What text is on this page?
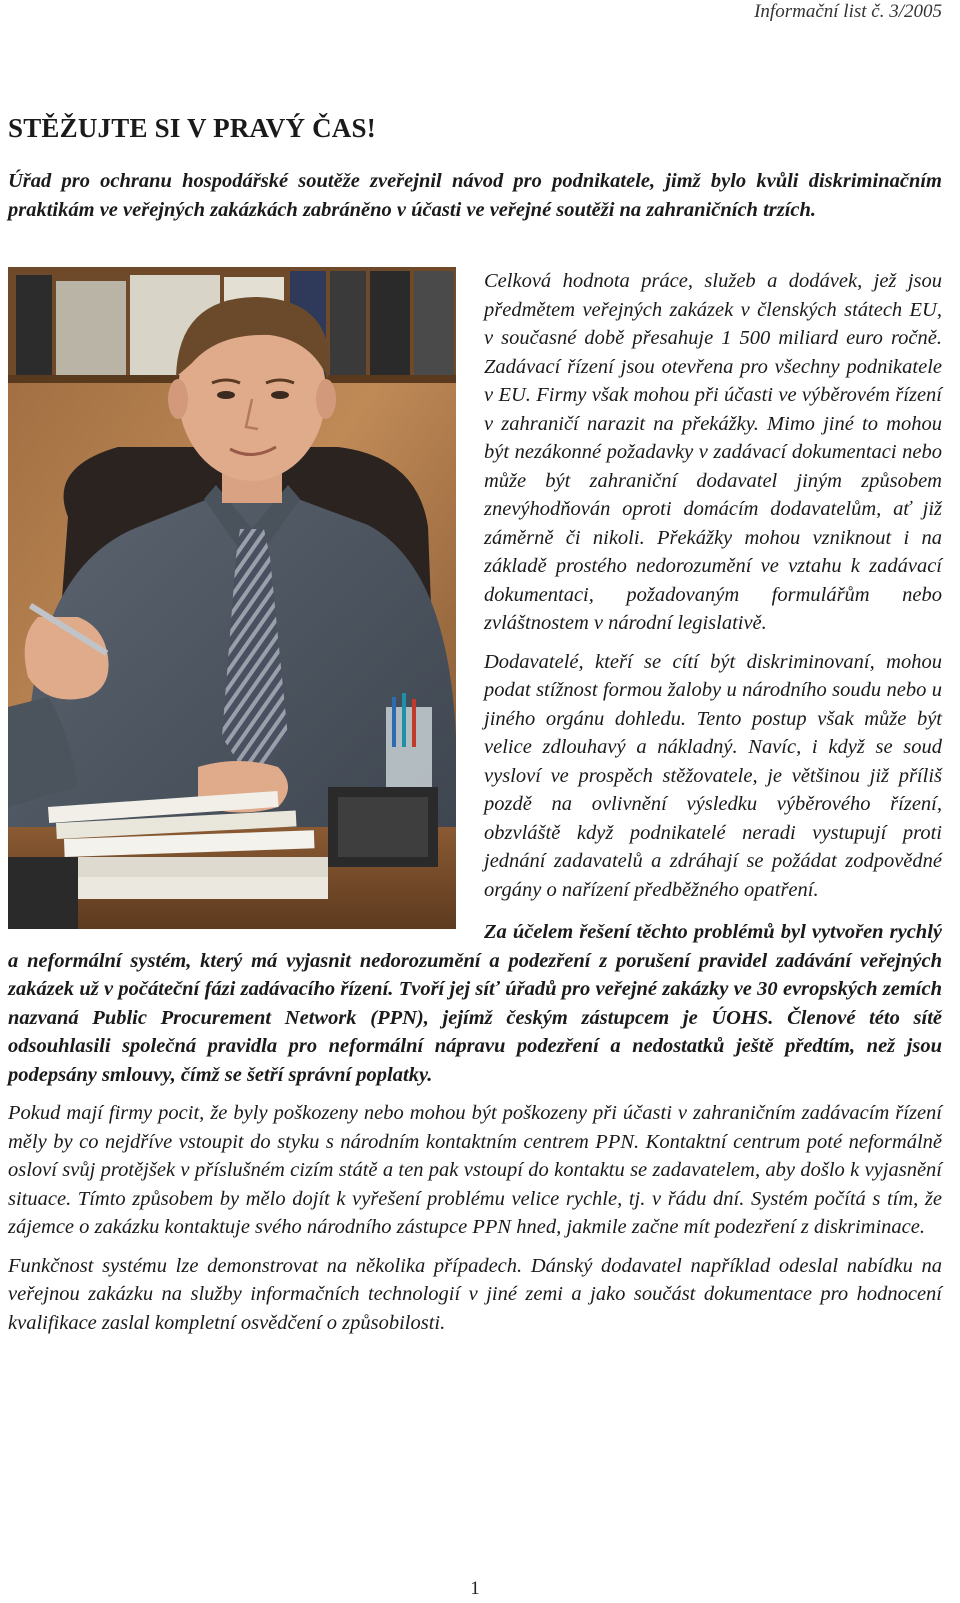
Informační list č. 3/2005
STĚŽUJTE SI V PRAVÝ ČAS!

Úřad pro ochranu hospodářské soutěže zveřejnil návod pro podnikatele, jimž bylo kvůli diskriminačním praktikám ve veřejných zakázkách zabráněno v účasti ve veřejné soutěži na zahraničních trzích.

Celková hodnota práce, služeb a dodávek, jež jsou předmětem veřejných zakázek v členských státech EU, v současné době přesahuje 1 500 miliard euro ročně. Zadávací řízení jsou otevřena pro všechny podnikatele v EU. Firmy však mohou při účasti ve výběrovém řízení v zahraničí narazit na překážky. Mimo jiné to mohou být nezákonné požadavky v zadávací dokumentaci nebo může být zahraniční dodavatel jiným způsobem znevýhodňován oproti domácím dodavatelům, ať již záměrně či nikoli. Překážky mohou vzniknout i na základě prostého nedorozumění ve vztahu k zadávací dokumentaci, požadovaným formulářům nebo zvláštnostem v národní legislativě.

Dodavatelé, kteří se cítí být diskriminovaní, mohou podat stížnost formou žaloby u národního soudu nebo u jiného orgánu dohledu. Tento postup však může být velice zdlouhavý a nákladný. Navíc, i když se soud vysloví ve prospěch stěžovatele, je většinou již příliš pozdě na ovlivnění výsledku výběrového řízení, obzvláště když podnikatelé neradi vystupují proti jednání zadavatelů a zdráhají se požádat zodpovědné orgány o nařízení předběžného opatření.

Za účelem řešení těchto problémů byl vytvořen rychlý a neformální systém, který má vyjasnit nedorozumění a podezření z porušení pravidel zadávání veřejných zakázek už v počáteční fázi zadávacího řízení. Tvoří jej síť úřadů pro veřejné zakázky ve 30 evropských zemích nazvaná Public Procurement Network (PPN), jejímž českým zástupcem je ÚOHS. Členové této sítě odsouhlasili společná pravidla pro neformální nápravu podezření a nedostatků ještě předtím, než jsou podepsány smlouvy, čímž se šetří správní poplatky.

Pokud mají firmy pocit, že byly poškozeny nebo mohou být poškozeny při účasti v zahraničním zadávacím řízení měly by co nejdříve vstoupit do styku s národním kontaktním centrem PPN. Kontaktní centrum poté neformálně osloví svůj protějšek v příslušném cizím státě a ten pak vstoupí do kontaktu se zadavatelem, aby došlo k vyjasnění situace. Tímto způsobem by mělo dojít k vyřešení problému velice rychle, tj. v řádu dní. Systém počítá s tím, že zájemce o zakázku kontaktuje svého národního zástupce PPN hned, jakmile začne mít podezření z diskriminace.

Funkčnost systému lze demonstrovat na několika případech. Dánský dodavatel například odeslal nabídku na veřejnou zakázku na služby informačních technologií v jiné zemi a jako součást dokumentace pro hodnocení kvalifikace zaslal kompletní osvědčení o způsobilosti.

1
